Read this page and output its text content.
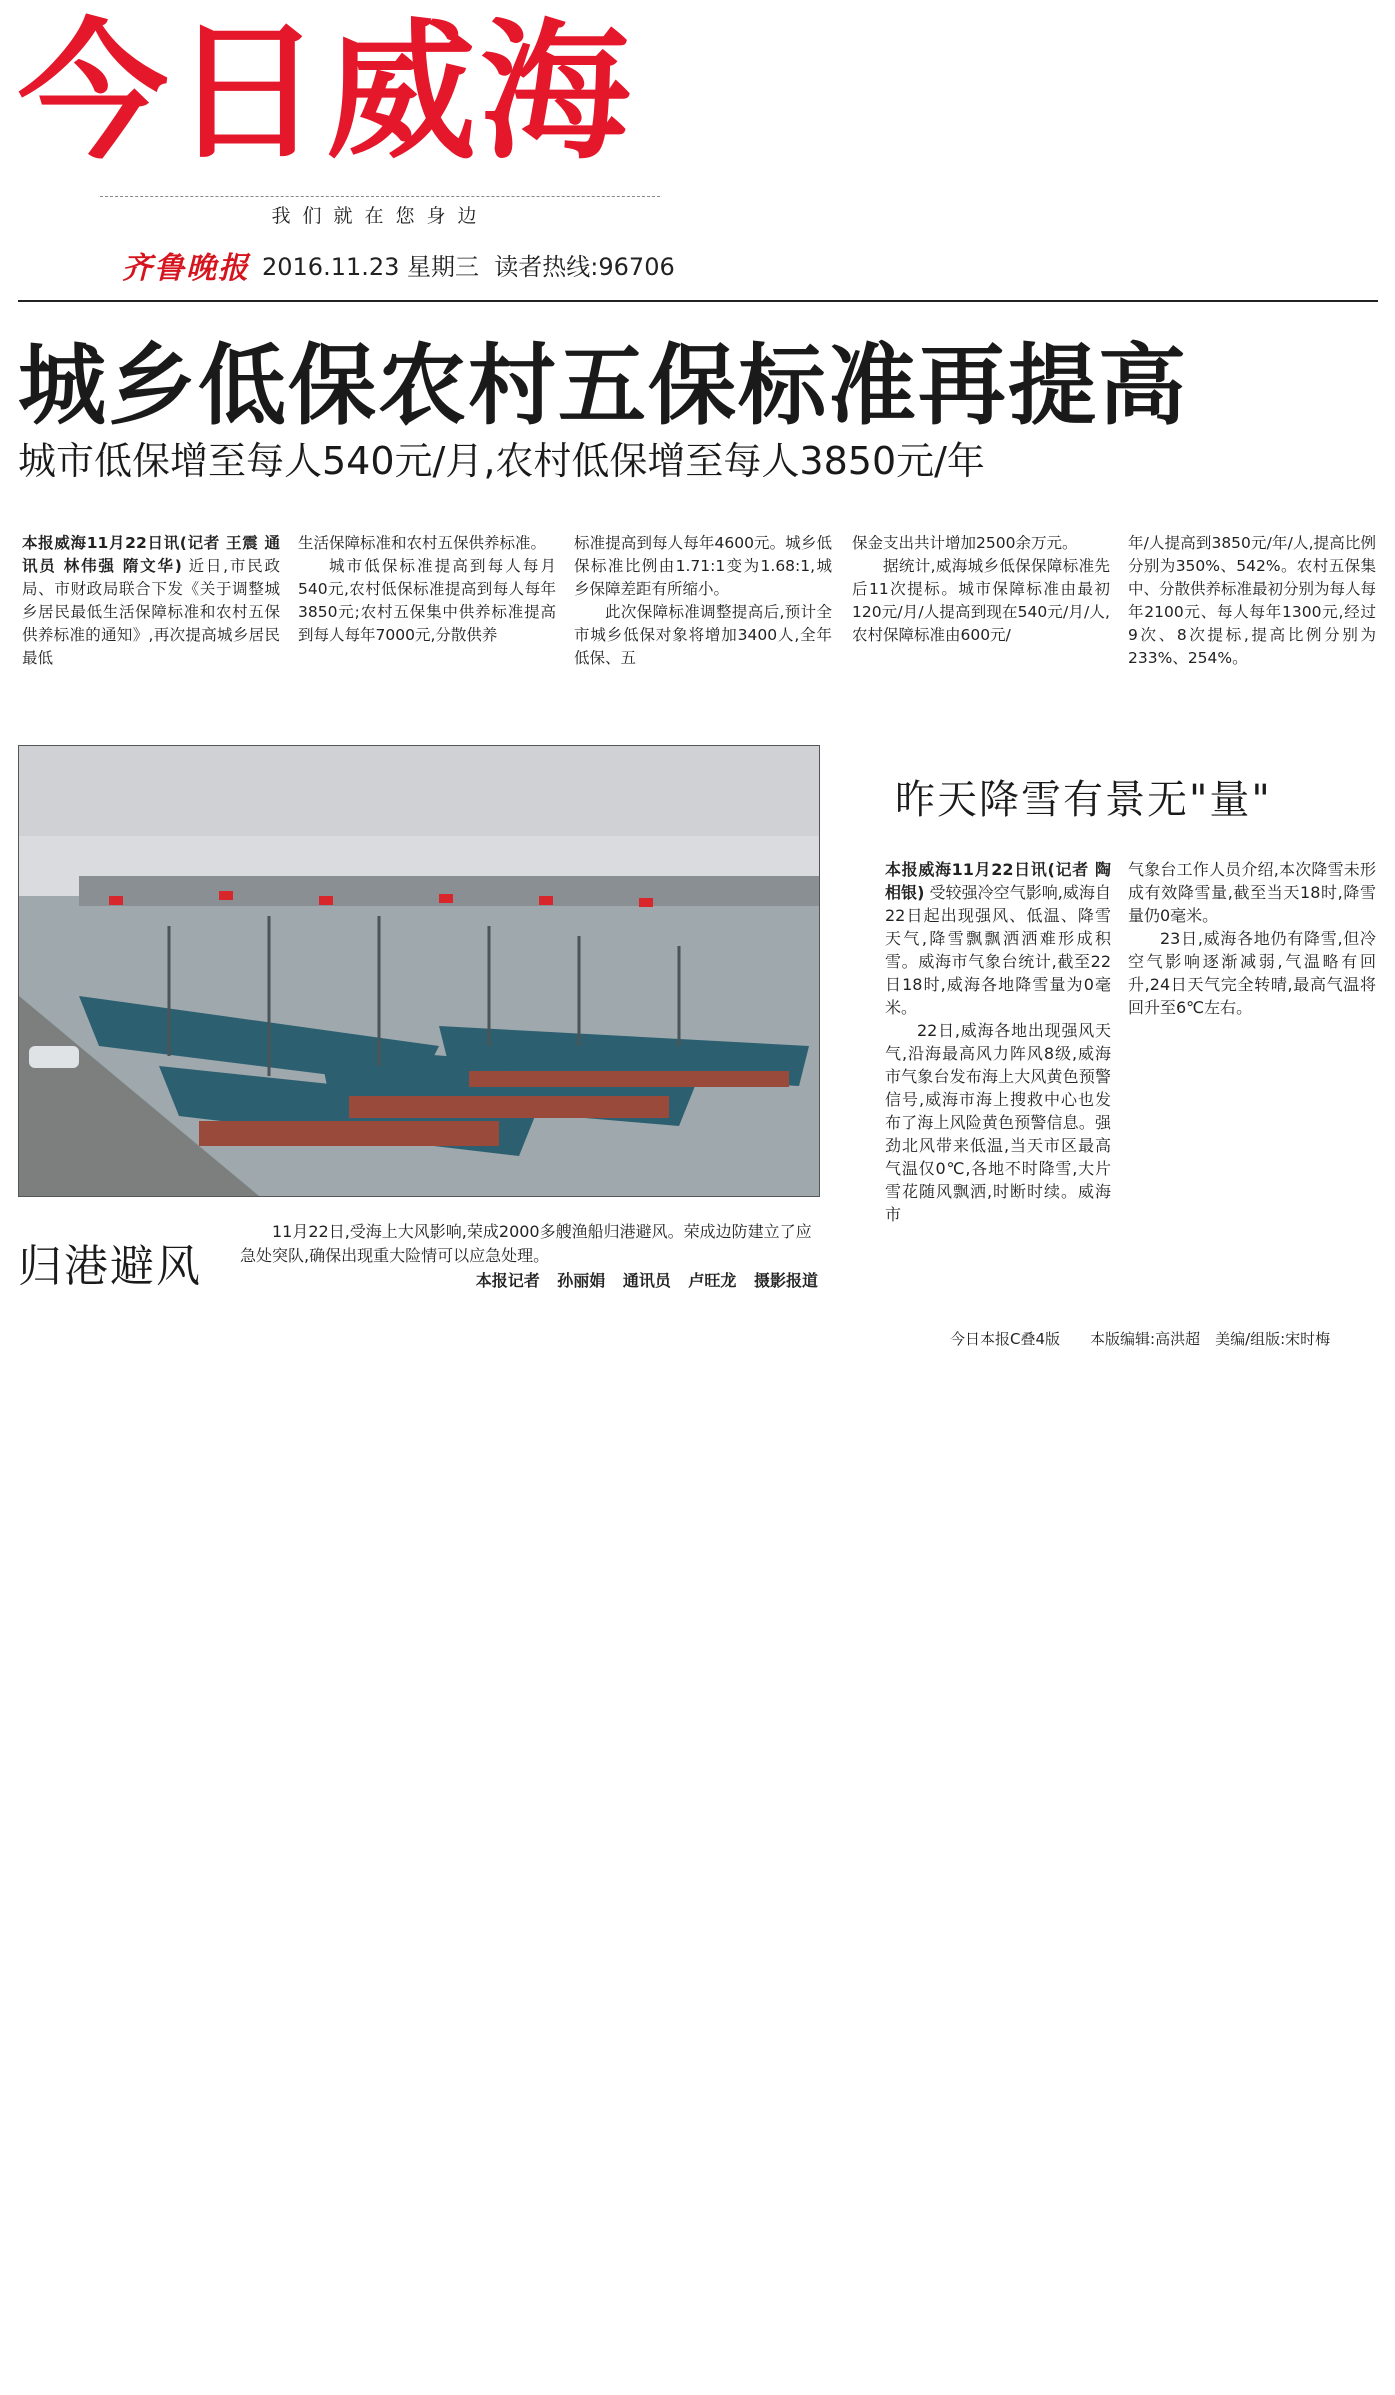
今日威海
我们就在您身边
齐鲁晚报 2016.11.23 星期三 读者热线:96706
城乡低保农村五保标准再提高
城市低保增至每人540元/月,农村低保增至每人3850元/年

本报威海11月22日讯(记者 王震 通讯员 林伟强 隋文华) 近日,市民政局、市财政局联合下发《关于调整城乡居民最低生活保障标准和农村五保供养标准的通知》,再次提高城乡居民最低

生活保障标准和农村五保供养标准。

城市低保标准提高到每人每月540元,农村低保标准提高到每人每年3850元;农村五保集中供养标准提高到每人每年7000元,分散供养

标准提高到每人每年4600元。城乡低保标准比例由1.71:1变为1.68:1,城乡保障差距有所缩小。

此次保障标准调整提高后,预计全市城乡低保对象将增加3400人,全年低保、五

保金支出共计增加2500余万元。

据统计,威海城乡低保保障标准先后11次提标。城市保障标准由最初120元/月/人提高到现在540元/月/人,农村保障标准由600元/

年/人提高到3850元/年/人,提高比例分别为350%、542%。农村五保集中、分散供养标准最初分别为每人每年2100元、每人每年1300元,经过9次、8次提标,提高比例分别为233%、254%。

归港避风
11月22日,受海上大风影响,荣成2000多艘渔船归港避风。荣成边防建立了应急处突队,确保出现重大险情可以应急处理。
本报记者 孙丽娟 通讯员 卢旺龙 摄影报道
昨天降雪有景无"量"

本报威海11月22日讯(记者 陶相银) 受较强冷空气影响,威海自22日起出现强风、低温、降雪天气,降雪飘飘洒洒难形成积雪。威海市气象台统计,截至22日18时,威海各地降雪量为0毫米。

22日,威海各地出现强风天气,沿海最高风力阵风8级,威海市气象台发布海上大风黄色预警信号,威海市海上搜救中心也发布了海上风险黄色预警信息。强劲北风带来低温,当天市区最高气温仅0℃,各地不时降雪,大片雪花随风飘洒,时断时续。威海市

气象台工作人员介绍,本次降雪未形成有效降雪量,截至当天18时,降雪量仍0毫米。

23日,威海各地仍有降雪,但冷空气影响逐渐减弱,气温略有回升,24日天气完全转晴,最高气温将回升至6℃左右。

今日本报C叠4版　　本版编辑:高洪超　美编/组版:宋时梅
